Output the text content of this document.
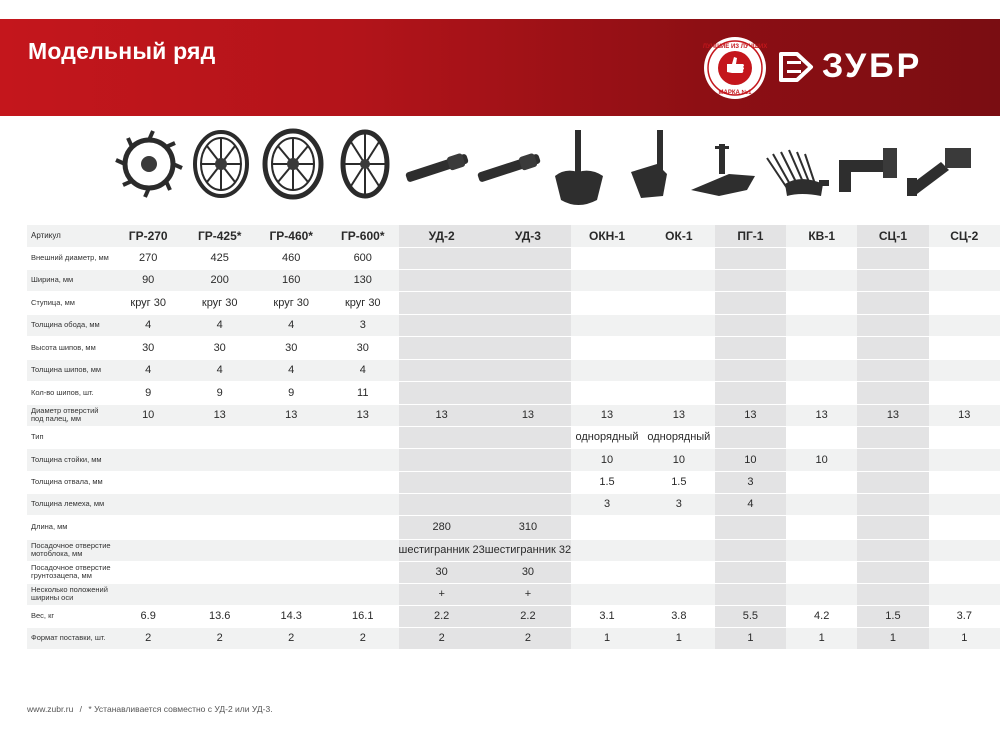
Модельный ряд	ЛУЧШИЕ ИЗ ЛУЧШИХ
МАРКА №1
ЗУБР
Артикул	ГР-270	ГР-425*	ГР-460*	ГР-600*	УД-2	УД-3	ОКН-1	ОК-1	ПГ-1	КВ-1	СЦ-1	СЦ-2
Внешний диаметр, мм	270	425	460	600								
Ширина, мм	90	200	160	130								
Ступица, мм	круг 30	круг 30	круг 30	круг 30								
Толщина обода, мм	4	4	4	3								
Высота шипов, мм	30	30	30	30								
Толщина шипов, мм	4	4	4	4								
Кол-во шипов, шт.	9	9	9	11								
Диаметр отверстий под палец, мм	10	13	13	13	13	13	13	13	13	13	13	13
Тип							однорядный	однорядный				
Толщина стойки, мм							10	10	10	10		
Толщина отвала, мм							1.5	1.5	3			
Толщина лемеха, мм							3	3	4			
Длина, мм					280	310						
Посадочное отверстие мотоблока, мм					шестигранник 23	шестигранник 32						
Посадочное отверстие грунтозацепа, мм					30	30						
Несколько положений ширины оси					+	+						
Вес, кг	6.9	13.6	14.3	16.1	2.2	2.2	3.1	3.8	5.5	4.2	1.5	3.7
Формат поставки, шт.	2	2	2	2	2	2	1	1	1	1	1	1
www.zubr.ru / * Устанавливается совместно с УД-2 или УД-3.
